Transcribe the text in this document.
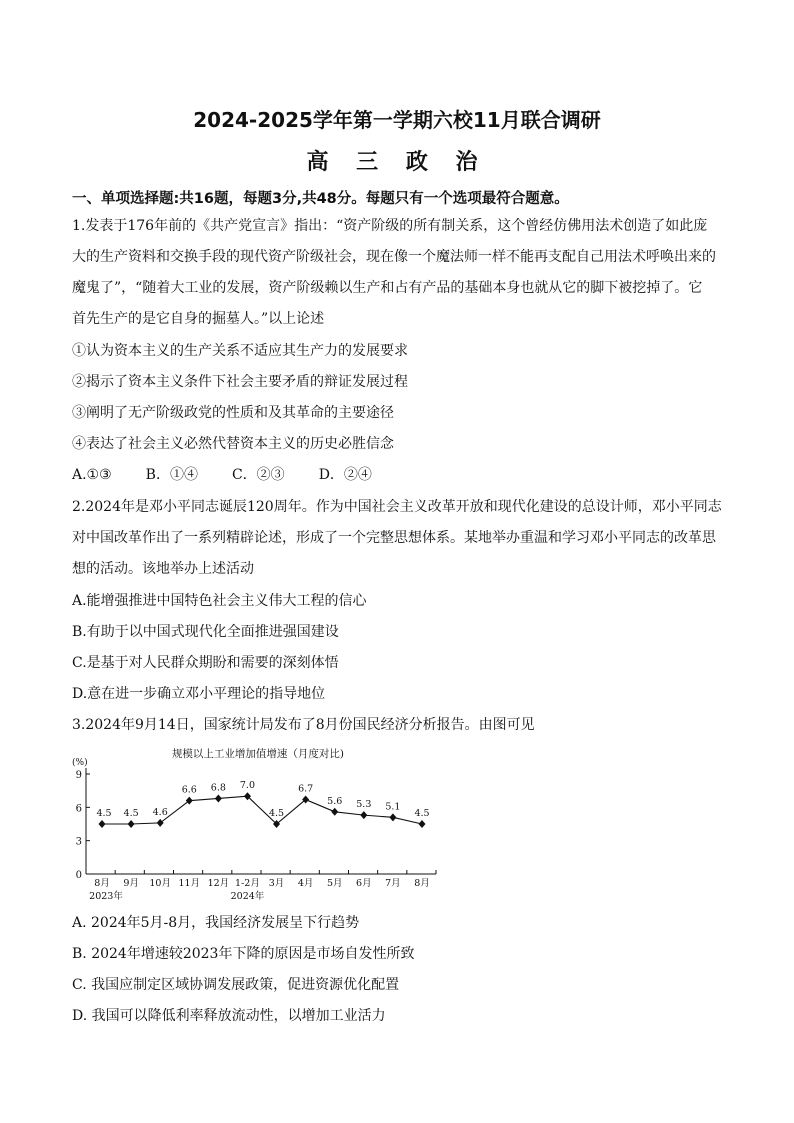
2024-2025学年第一学期六校11月联合调研
高 三 政 治
一、单项选择题:共16题，每题3分,共48分。每题只有一个选项最符合题意。
1.发表于176年前的《共产党宣言》指出：“资产阶级的所有制关系，这个曾经仿佛用法术创造了如此庞
大的生产资料和交换手段的现代资产阶级社会，现在像一个魔法师一样不能再支配自己用法术呼唤出来的
魔鬼了”，“随着大工业的发展，资产阶级赖以生产和占有产品的基础本身也就从它的脚下被挖掉了。它
首先生产的是它自身的掘墓人。”以上论述
①认为资本主义的生产关系不适应其生产力的发展要求
②揭示了资本主义条件下社会主要矛盾的辩证发展过程
③阐明了无产阶级政党的性质和及其革命的主要途径
④表达了社会主义必然代替资本主义的历史必胜信念
A.①③ B．①④ C．②③ D．②④
2.2024年是邓小平同志诞辰120周年。作为中国社会主义改革开放和现代化建设的总设计师，邓小平同志
对中国改革作出了一系列精辟论述，形成了一个完整思想体系。某地举办重温和学习邓小平同志的改革思
想的活动。该地举办上述活动
A.能增强推进中国特色社会主义伟大工程的信心
B.有助于以中国式现代化全面推进强国建设
C.是基于对人民群众期盼和需要的深刻体悟
D.意在进一步确立邓小平理论的指导地位
3.2024年9月14日，国家统计局发布了8月份国民经济分析报告。由图可见
规模以上工业增加值增速（月度对比)
(%)
0
3
6
9
8月 9月 10月 11月 12月 1-2月 3月 4月 5月 6月 7月 8月
2023年	2024年
4.5 4.5 4.6
6.6 6.8 7.0
4.5
6.7
5.6 5.3 5.1
4.5
A. 2024年5月-8月，我国经济发展呈下行趋势
B. 2024年增速较2023年下降的原因是市场自发性所致
C. 我国应制定区域协调发展政策，促进资源优化配置
D. 我国可以降低利率释放流动性，以增加工业活力
